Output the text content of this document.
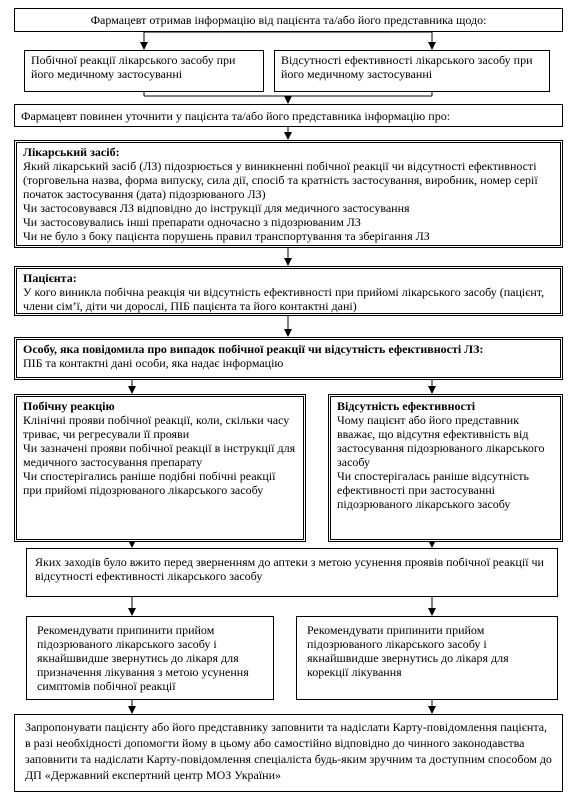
Фармацевт отримав інформацію від пацієнта та/або його представника щодо:
Побічної реакції лікарського засобу при його медичному застосуванні
Відсутності ефективності лікарського засобу при його медичному застосуванні
Фармацевт повинен уточнити у пацієнта та/або його представника інформацію про:
Лікарський засіб:
Який лікарський засіб (ЛЗ) підозрюється у виникненні побічної реакції чи відсутності ефективності (торговельна назва, форма випуску, сила дії, спосіб та кратність застосування, виробник, номер серії початок застосування (дата) підозрюваного ЛЗ)
Чи застосовувався ЛЗ відповідно до інструкції для медичного застосування
Чи застосовувались інші препарати одночасно з підозрюваним ЛЗ
Чи не було з боку пацієнта порушень правил транспортування та зберігання ЛЗ
Пацієнта:
У кого виникла побічна реакція чи відсутність ефективності при прийомі лікарського засобу (пацієнт, члени сім’ї, діти чи дорослі, ПІБ пацієнта та його контактні дані)
Особу, яка повідомила про випадок побічної реакції чи відсутність ефективності ЛЗ:
ПІБ та контактні дані особи, яка надає інформацію
Побічну реакцію
Клінічні прояви побічної реакції, коли, скільки часу триває, чи регресували її прояви
Чи зазначені прояви побічної реакції в інструкції для медичного застосування препарату
Чи спостерігались раніше подібні побічні реакції при прийомі підозрюваного лікарського засобу
Відсутність ефективності
Чому пацієнт або його представник вважає, що відсутня ефективність від застосування підозрюваного лікарського засобу
Чи спостерігалась раніше відсутність ефективності при застосуванні підозрюваного лікарського засобу
Яких заходів було вжито перед зверненням до аптеки з метою усунення проявів побічної реакції чи відсутності ефективності лікарського засобу
Рекомендувати припинити прийом підозрюваного лікарського засобу і якнайшвидше звернутись до лікаря для призначення лікування з метою усунення симптомів побічної реакції
Рекомендувати припинити прийом підозрюваного лікарського засобу і якнайшвидше звернутись до лікаря для корекції лікування
Запропонувати пацієнту або його представнику заповнити та надіслати Карту-повідомлення пацієнта, в разі необхідності допомогти йому в цьому або самостійно відповідно до чинного законодавства заповнити та надіслати Карту-повідомлення спеціаліста будь-яким зручним та доступним способом до ДП «Державний експертний центр МОЗ України»
